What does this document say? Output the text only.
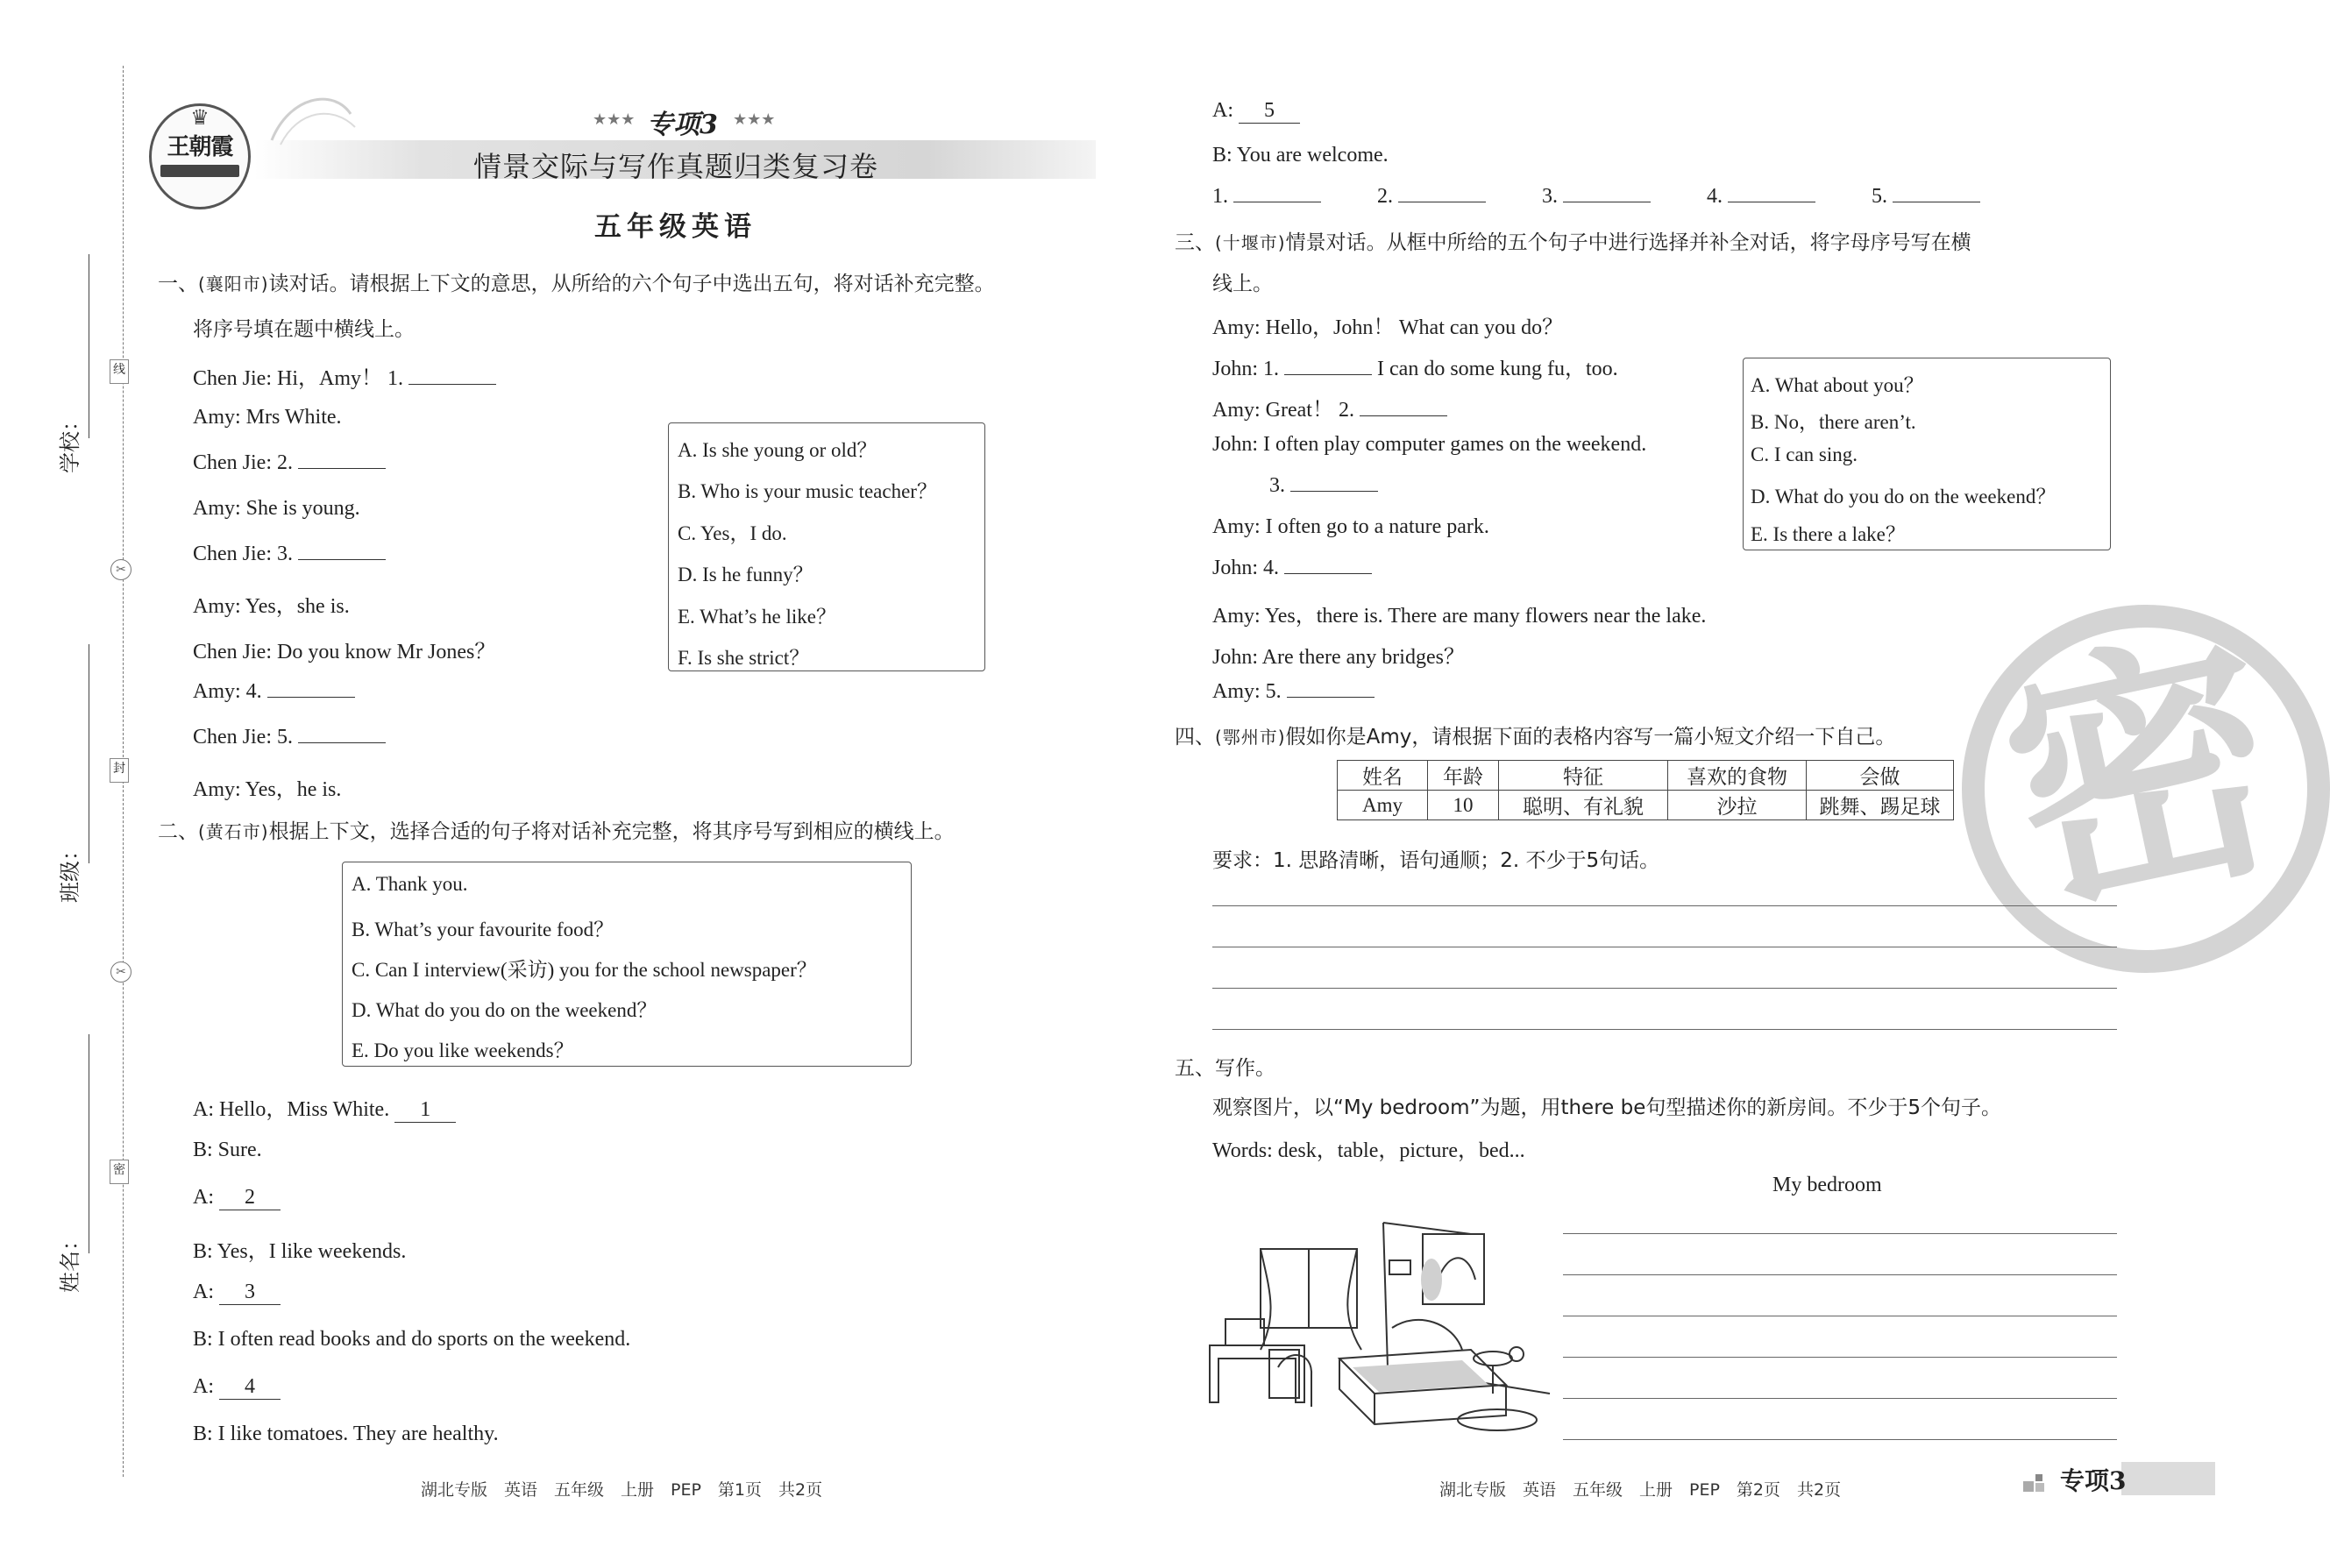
学校：
班级：
姓名：
线
封
密
✂
✂
♛
王朝霞
★★★ 专项3 ★★★
情景交际与写作真题归类复习卷
五年级英语
一、(襄阳市)读对话。请根据上下文的意思，从所给的六个句子中选出五句，将对话补充完整。
将序号填在题中横线上。
Chen Jie: Hi，Amy！ 1.
Amy: Mrs White.
Chen Jie: 2.
Amy: She is young.
Chen Jie: 3.
Amy: Yes，she is.
Chen Jie: Do you know Mr Jones？
Amy: 4.
Chen Jie: 5.
Amy: Yes，he is.
A. Is she young or old？
B. Who is your music teacher？
C. Yes，I do.
D. Is he funny？
E. What’s he like？
F. Is she strict？
二、(黄石市)根据上下文，选择合适的句子将对话补充完整，将其序号写到相应的横线上。
A. Thank you.
B. What’s your favourite food？
C. Can I interview(采访) you for the school newspaper？
D. What do you do on the weekend？
E. Do you like weekends？
A: Hello，Miss White. 1
B: Sure.
A: 2
B: Yes，I like weekends.
A: 3
B: I often read books and do sports on the weekend.
A: 4
B: I like tomatoes. They are healthy.
A: 5
B: You are welcome.
1.	2.	3.	4.	5.
密
三、(十堰市)情景对话。从框中所给的五个句子中进行选择并补全对话，将字母序号写在横
线上。
Amy: Hello，John！ What can you do？
John: 1.	I can do some kung fu，too.
Amy: Great！ 2.
John: I often play computer games on the weekend.
3.
Amy: I often go to a nature park.
John: 4.
Amy: Yes，there is. There are many flowers near the lake.
John: Are there any bridges？
Amy: 5.
A. What about you？
B. No，there aren’t.
C. I can sing.
D. What do you do on the weekend？
E. Is there a lake？
四、(鄂州市)假如你是Amy，请根据下面的表格内容写一篇小短文介绍一下自己。
姓名	年龄	特征	喜欢的食物	会做
Amy	10	聪明、有礼貌	沙拉	跳舞、踢足球
要求：1. 思路清晰，语句通顺；2. 不少于5句话。
五、写作。
观察图片，以“My bedroom”为题，用there be句型描述你的新房间。不少于5个句子。
Words: desk，table，picture，bed...
My bedroom
湖北专版　英语　五年级　上册　PEP　第1页　共2页	湖北专版　英语　五年级　上册　PEP　第2页　共2页	专项3
